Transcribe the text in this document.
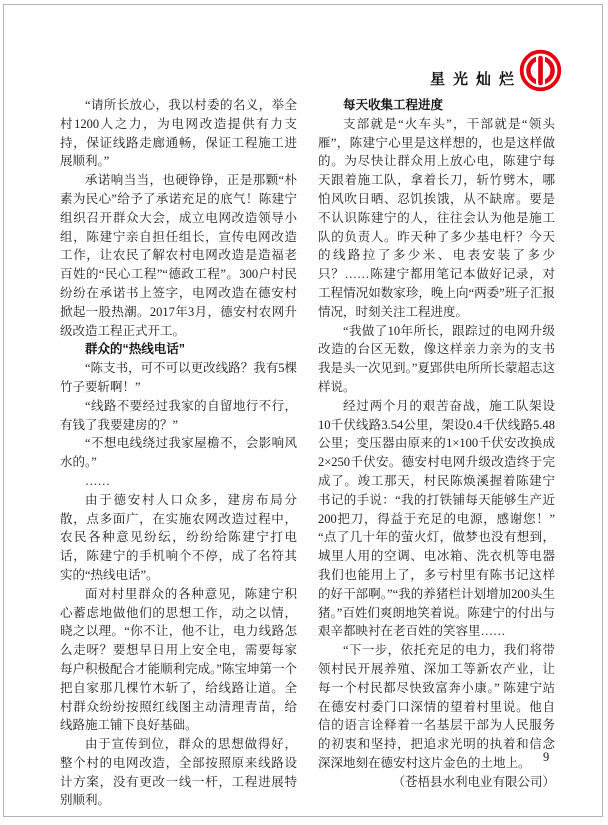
星光灿烂

“请所长放心，我以村委的名义，举全村1200人之力，为电网改造提供有力支持，保证线路走廊通畅，保证工程施工进展顺利。”

承诺响当当，也硬铮铮，正是那颗“朴素为民心”给予了承诺充足的底气！陈建宁组织召开群众大会，成立电网改造领导小组，陈建宁亲自担任组长，宣传电网改造工作，让农民了解农村电网改造是造福老百姓的“民心工程”“德政工程”。300户村民纷纷在承诺书上签字，电网改造在德安村掀起一股热潮。2017年3月，德安村农网升级改造工程正式开工。

群众的“热线电话”

“陈支书，可不可以更改线路？我有5棵竹子要斩啊！”

“线路不要经过我家的自留地行不行，有钱了我要建房的？”

“不想电线绕过我家屋檐不，会影响风水的。”

……

由于德安村人口众多，建房布局分散，点多面广，在实施农网改造过程中，农民各种意见纷纭，纷纷给陈建宁打电话，陈建宁的手机响个不停，成了名符其实的“热线电话”。

面对村里群众的各种意见，陈建宁积心蓄虑地做他们的思想工作，动之以情，晓之以理。“你不让，他不让，电力线路怎么走呀？要想早日用上安全电，需要每家每户积极配合才能顺利完成。”陈宝坤第一个把自家那几棵竹木斩了，给线路让道。全村群众纷纷按照红线图主动清理青苗，给线路施工铺下良好基础。

由于宣传到位，群众的思想做得好，整个村的电网改造，全部按照原来线路设计方案，没有更改一线一杆，工程进展特别顺利。

每天收集工程进度

支部就是“火车头”，干部就是“领头雁”，陈建宁心里是这样想的，也是这样做的。为尽快让群众用上放心电，陈建宁每天跟着施工队，拿着长刀，斩竹劈木，哪怕风吹日晒、忍饥挨饿，从不缺席。要是不认识陈建宁的人，往往会认为他是施工队的负责人。昨天种了多少基电杆？今天的线路拉了多少米、电表安装了多少只？……陈建宁都用笔记本做好记录，对工程情况如数家珍，晚上向“两委”班子汇报情况，时刻关注工程进度。

“我做了10年所长，跟踪过的电网升级改造的台区无数，像这样亲力亲为的支书我是头一次见到。”夏郢供电所所长蒙超志这样说。

经过两个月的艰苦奋战，施工队架设10千伏线路3.54公里，架设0.4千伏线路5.48公里；变压器由原来的1×100千伏安改换成2×250千伏安。德安村电网升级改造终于完成了。竣工那天，村民陈焕溪握着陈建宁书记的手说：“我的打铁铺每天能够生产近200把刀，得益于充足的电源，感谢您！”“点了几十年的萤火灯，做梦也没有想到，城里人用的空调、电冰箱、洗衣机等电器我们也能用上了，多亏村里有陈书记这样的好干部啊。”“我的养猪栏计划增加200头生猪。”百姓们爽朗地笑着说。陈建宁的付出与艰辛都映衬在老百姓的笑容里……

“下一步，依托充足的电力，我们将带领村民开展养殖、深加工等新农产业，让每一个村民都尽快致富奔小康。” 陈建宁站在德安村委门口深情的望着村里说。他自信的语言诠释着一名基层干部为人民服务的初衷和坚持，把追求光明的执着和信念深深地刻在德安村这片金色的土地上。

（苍梧县水利电业有限公司）

9
